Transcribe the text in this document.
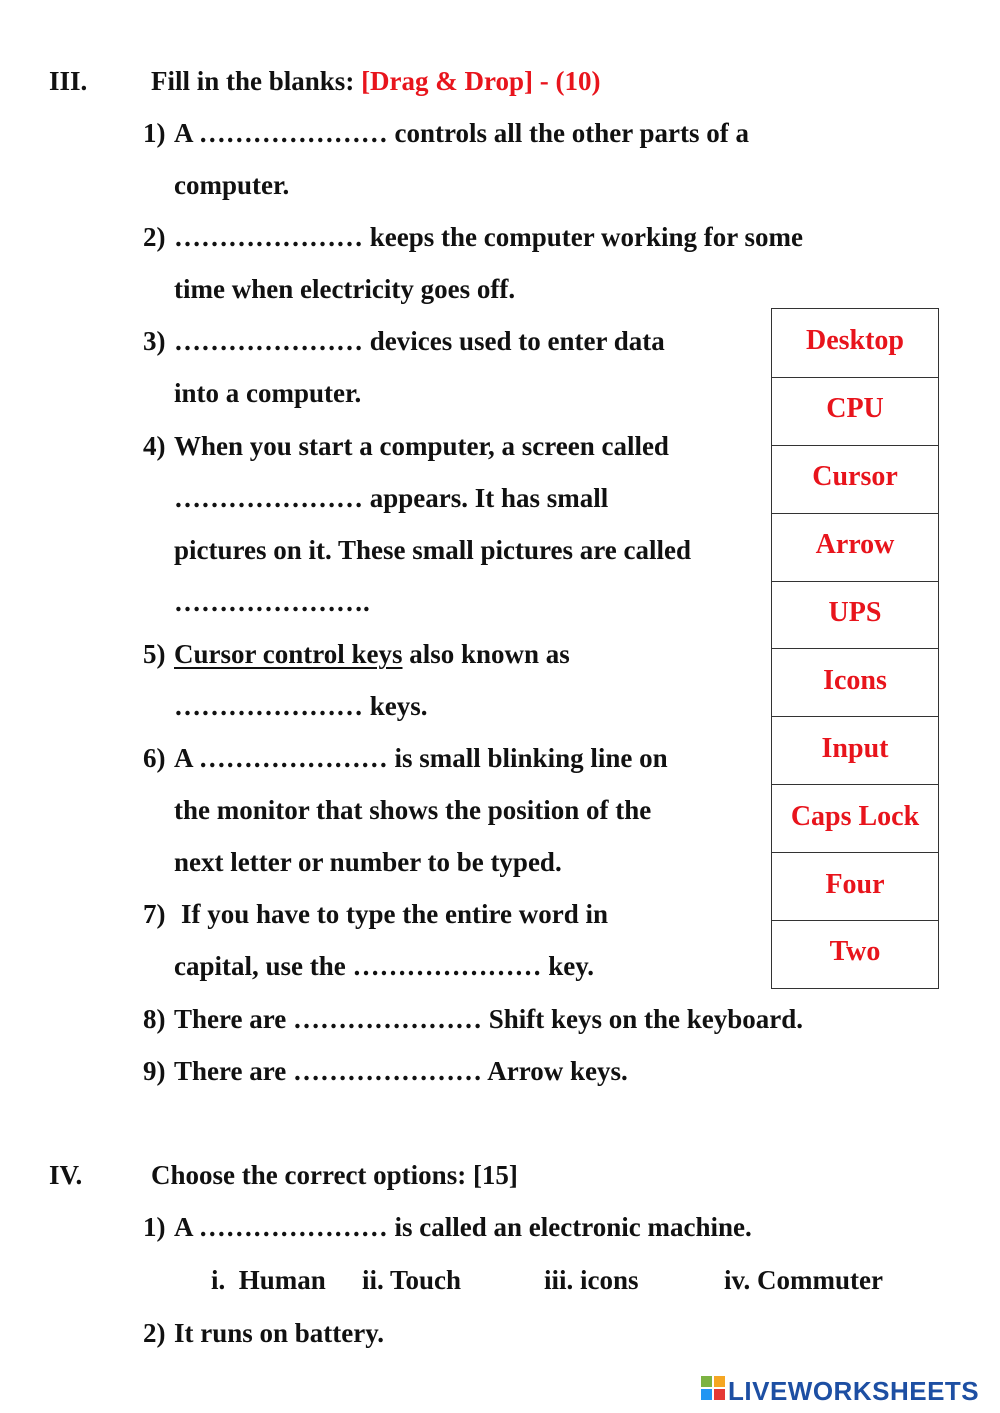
III. Fill in the blanks: [Drag & Drop] - (10)
1) A ………………… controls all the other parts of a
computer.
2) ………………… keeps the computer working for some
time when electricity goes off.
3) ………………… devices used to enter data
into a computer.
4) When you start a computer, a screen called
………………… appears. It has small
pictures on it. These small pictures are called
………………….
5) Cursor control keys also known as
………………… keys.
6) A ………………… is small blinking line on
the monitor that shows the position of the
next letter or number to be typed.
7) If you have to type the entire word in
capital, use the ………………… key.
8) There are ………………… Shift keys on the keyboard.
9) There are ………………… Arrow keys.
Desktop
CPU
Cursor
Arrow
UPS
Icons
Input
Caps Lock
Four
Two
IV.	Choose the correct options: [15]
1) A ………………… is called an electronic machine.
i.  Human ii. Touch	iii. icons	iv. Commuter
2) It runs on battery.
LIVEWORKSHEETS
